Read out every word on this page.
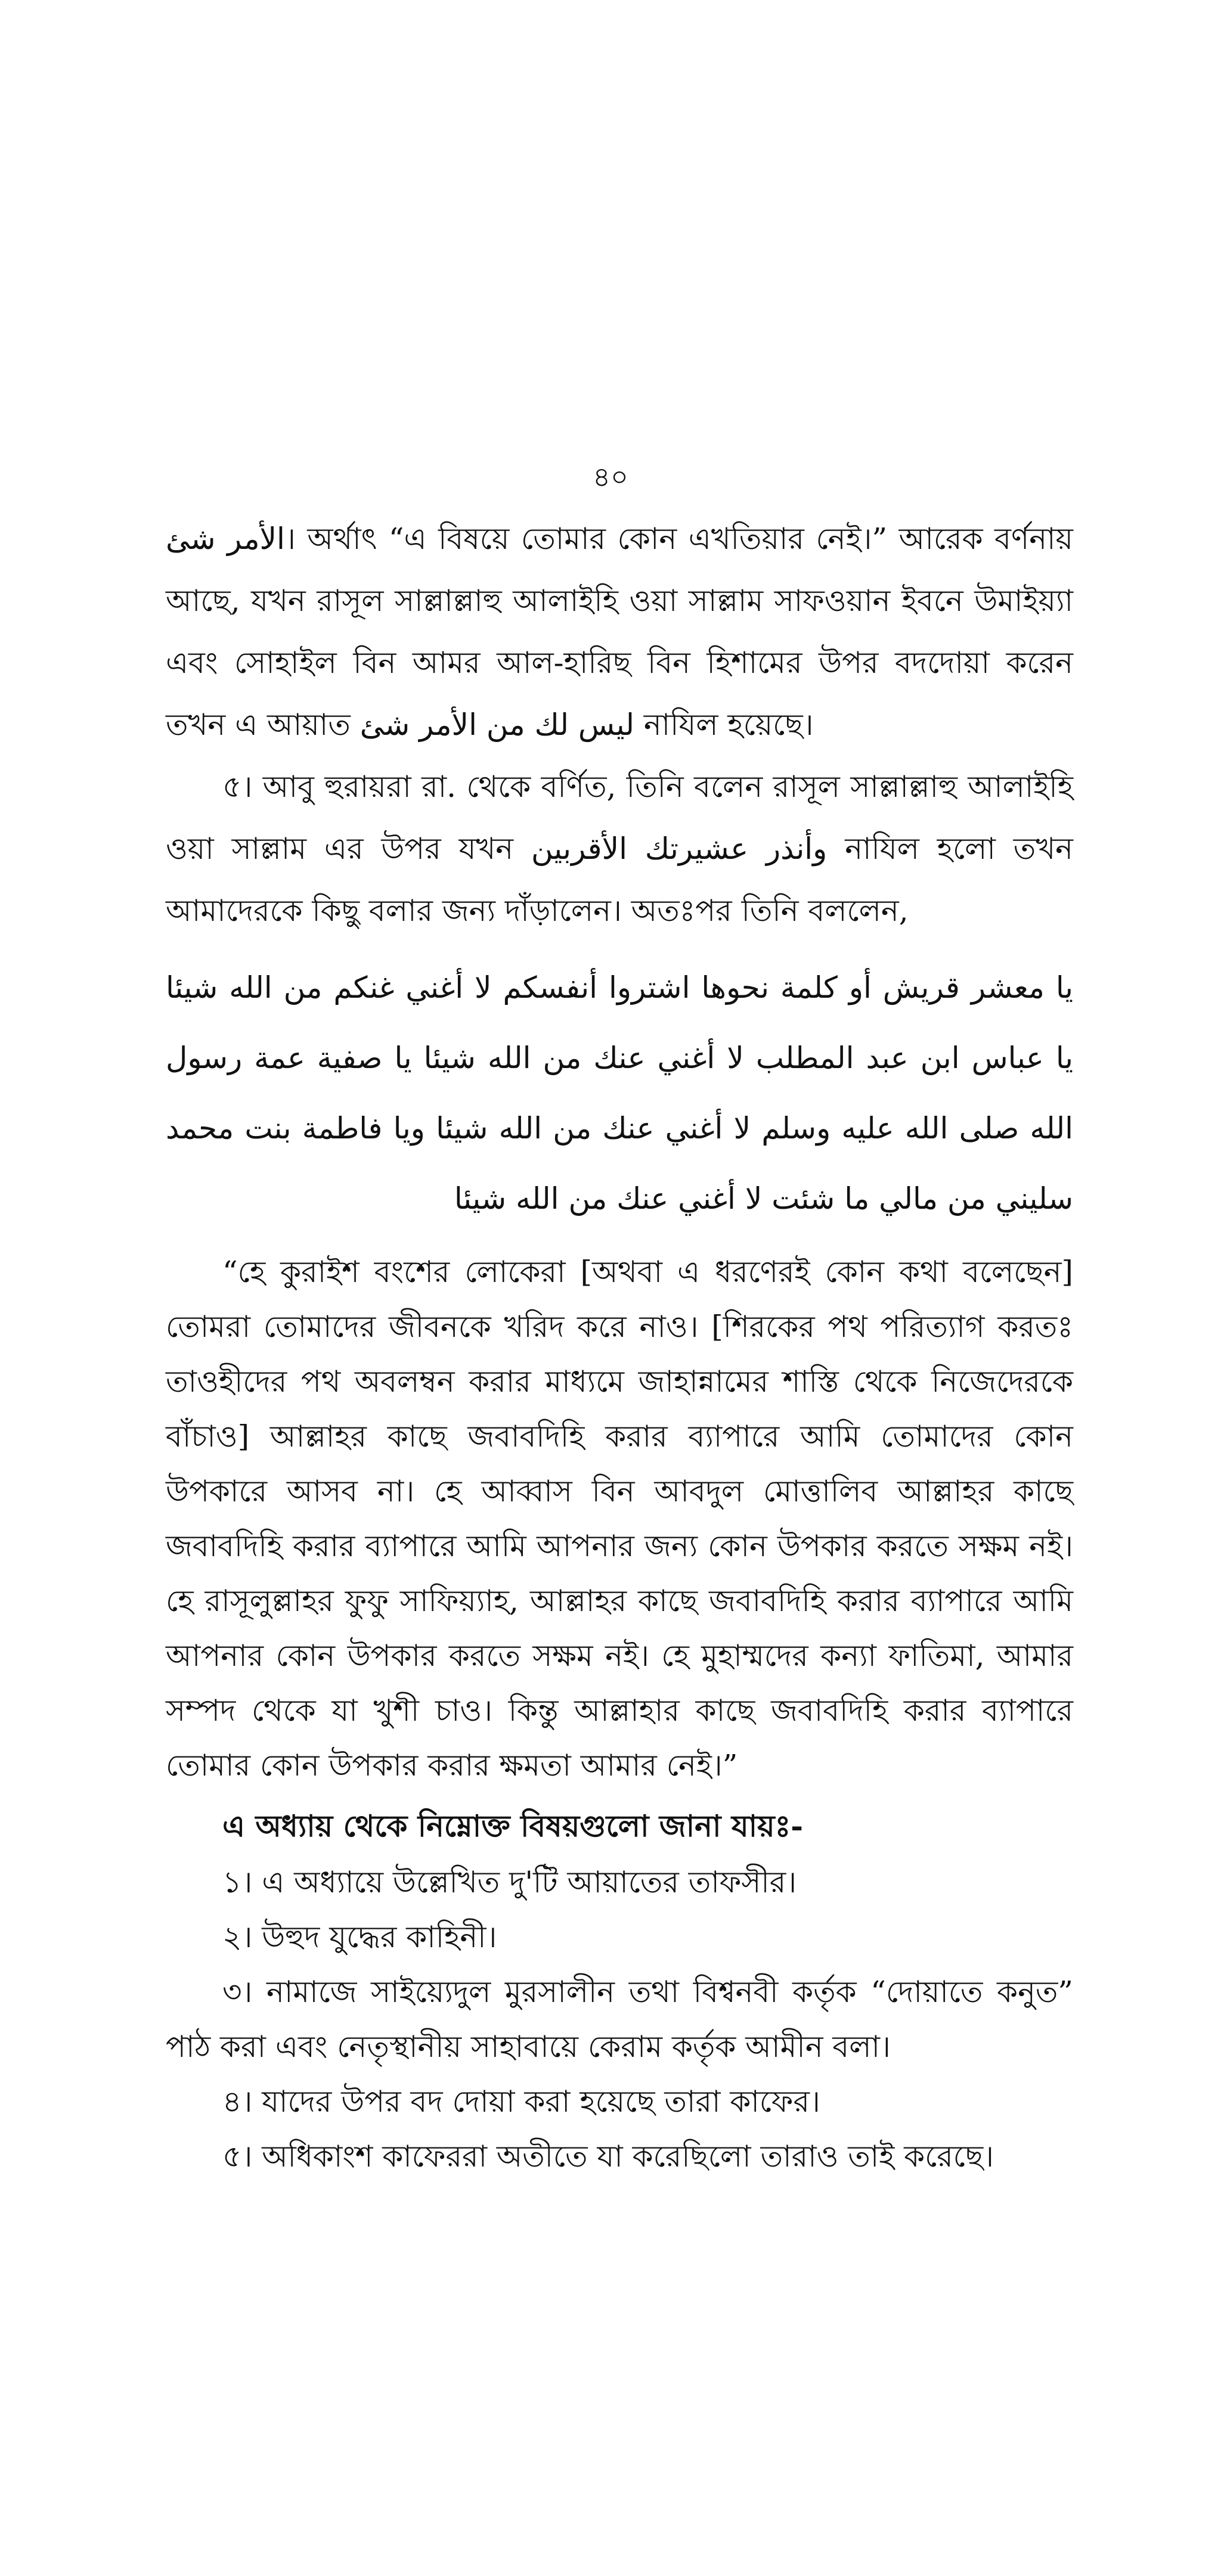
৪০

الأمر شئ। অর্থাৎ “এ বিষয়ে তোমার কোন এখতিয়ার নেই।” আরেক বর্ণনায় আছে, যখন রাসূল সাল্লাল্লাহু আলাইহি ওয়া সাল্লাম সাফওয়ান ইবনে উমাইয়্যা এবং সোহাইল বিন আমর আল-হারিছ বিন হিশামের উপর বদদোয়া করেন তখন এ আয়াত ليس لك من الأمر شئ নাযিল হয়েছে।

৫। আবু হুরায়রা রা. থেকে বর্ণিত, তিনি বলেন রাসূল সাল্লাল্লাহু আলাইহি ওয়া সাল্লাম এর উপর যখন وأنذر عشيرتك الأقربين নাযিল হলো তখন আমাদেরকে কিছু বলার জন্য দাঁড়ালেন। অতঃপর তিনি বললেন,

يا معشر قريش أو كلمة نحوها اشتروا أنفسكم لا أغني غنكم من الله شيئا يا عباس ابن عبد المطلب لا أغني عنك من الله شيئا يا صفية عمة رسول الله صلى الله عليه وسلم لا أغني عنك من الله شيئا ويا فاطمة بنت محمد سليني من مالي ما شئت لا أغني عنك من الله شيئا

“হে কুরাইশ বংশের লোকেরা [অথবা এ ধরণেরই কোন কথা বলেছেন] তোমরা তোমাদের জীবনকে খরিদ করে নাও। [শিরকের পথ পরিত্যাগ করতঃ তাওহীদের পথ অবলম্বন করার মাধ্যমে জাহান্নামের শাস্তি থেকে নিজেদেরকে বাঁচাও] আল্লাহর কাছে জবাবদিহি করার ব্যাপারে আমি তোমাদের কোন উপকারে আসব না। হে আব্বাস বিন আবদুল মোত্তালিব আল্লাহর কাছে জবাবদিহি করার ব্যাপারে আমি আপনার জন্য কোন উপকার করতে সক্ষম নই। হে রাসূলুল্লাহর ফুফু সাফিয়্যাহ, আল্লাহর কাছে জবাবদিহি করার ব্যাপারে আমি আপনার কোন উপকার করতে সক্ষম নই। হে মুহাম্মদের কন্যা ফাতিমা, আমার সম্পদ থেকে যা খুশী চাও। কিন্তু আল্লাহার কাছে জবাবদিহি করার ব্যাপারে তোমার কোন উপকার করার ক্ষমতা আমার নেই।”

এ অধ্যায় থেকে নিম্নোক্ত বিষয়গুলো জানা যায়ঃ-

১। এ অধ্যায়ে উল্লেখিত দু'টি আয়াতের তাফসীর।

২। উহুদ যুদ্ধের কাহিনী।

৩। নামাজে সাইয়্যেদুল মুরসালীন তথা বিশ্বনবী কর্তৃক “দোয়াতে কনুত” পাঠ করা এবং নেতৃস্থানীয় সাহাবায়ে কেরাম কর্তৃক আমীন বলা।

৪। যাদের উপর বদ দোয়া করা হয়েছে তারা কাফের।

৫। অধিকাংশ কাফেররা অতীতে যা করেছিলো তারাও তাই করেছে।
